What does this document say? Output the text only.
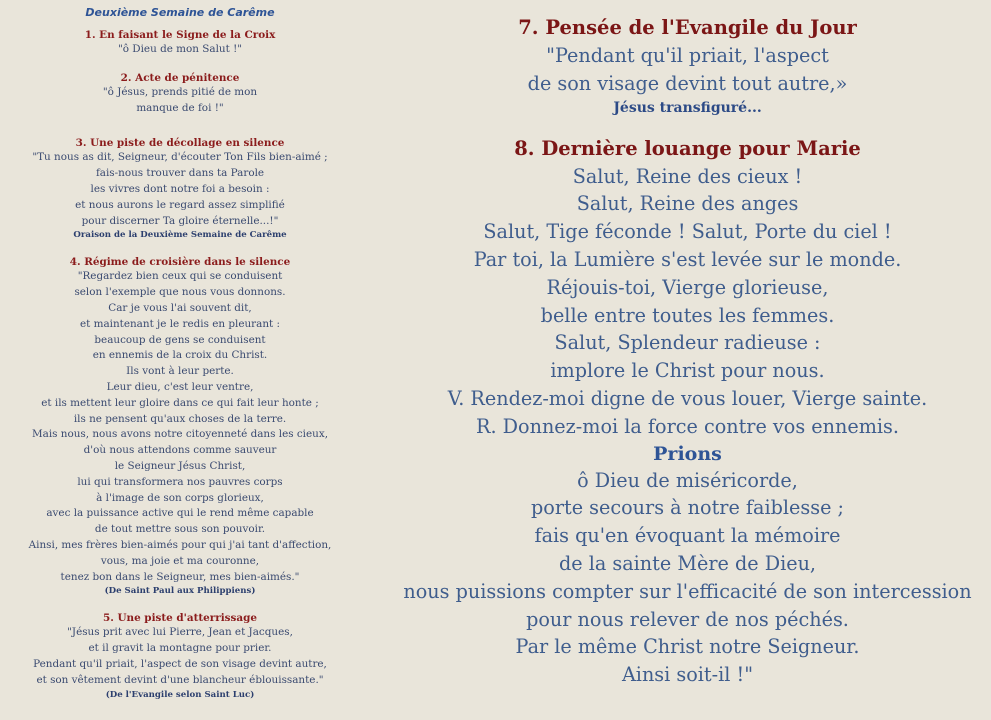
Deuxième Semaine de Carême
1. En faisant le Signe de la Croix
"ô Dieu de mon Salut !"
2. Acte de pénitence
"ô Jésus, prends pitié de mon
manque de foi !"
3. Une piste de décollage en silence
"Tu nous as dit, Seigneur, d'écouter Ton Fils bien-aimé ;
fais-nous trouver dans ta Parole
les vivres dont notre foi a besoin :
et nous aurons le regard assez simplifié
pour discerner Ta gloire éternelle...!"
Oraison de la Deuxième Semaine de Carême
4. Régime de croisière dans le silence
"Regardez bien ceux qui se conduisent
selon l'exemple que nous vous donnons.
Car je vous l'ai souvent dit,
et maintenant je le redis en pleurant :
beaucoup de gens se conduisent
en ennemis de la croix du Christ.
Ils vont à leur perte.
Leur dieu, c'est leur ventre,
et ils mettent leur gloire dans ce qui fait leur honte ;
ils ne pensent qu'aux choses de la terre.
Mais nous, nous avons notre citoyenneté dans les cieux,
d'où nous attendons comme sauveur
le Seigneur Jésus Christ,
lui qui transformera nos pauvres corps
à l'image de son corps glorieux,
avec la puissance active qui le rend même capable
de tout mettre sous son pouvoir.
Ainsi, mes frères bien-aimés pour qui j'ai tant d'affection,
vous, ma joie et ma couronne,
tenez bon dans le Seigneur, mes bien-aimés."
(De Saint Paul aux Philippiens)
5. Une piste d'atterrissage
"Jésus prit avec lui Pierre, Jean et Jacques,
et il gravit la montagne pour prier.
Pendant qu'il priait, l'aspect de son visage devint autre,
et son vêtement devint d'une blancheur éblouissante."
(De l'Evangile selon Saint Luc)
7. Pensée de l'Evangile du Jour
"Pendant qu'il priait, l'aspect
de son visage devint tout autre,»
Jésus transfiguré...
8. Dernière louange pour Marie
Salut, Reine des cieux !
Salut, Reine des anges
Salut, Tige féconde ! Salut, Porte du ciel !
Par toi, la Lumière s'est levée sur le monde.
Réjouis-toi, Vierge glorieuse,
belle entre toutes les femmes.
Salut, Splendeur radieuse :
implore le Christ pour nous.
V. Rendez-moi digne de vous louer, Vierge sainte.
R. Donnez-moi la force contre vos ennemis.
Prions
ô Dieu de miséricorde,
porte secours à notre faiblesse ;
fais qu'en évoquant la mémoire
de la sainte Mère de Dieu,
nous puissions compter sur l'efficacité de son intercession
pour nous relever de nos péchés.
Par le même Christ notre Seigneur.
Ainsi soit-il !"
